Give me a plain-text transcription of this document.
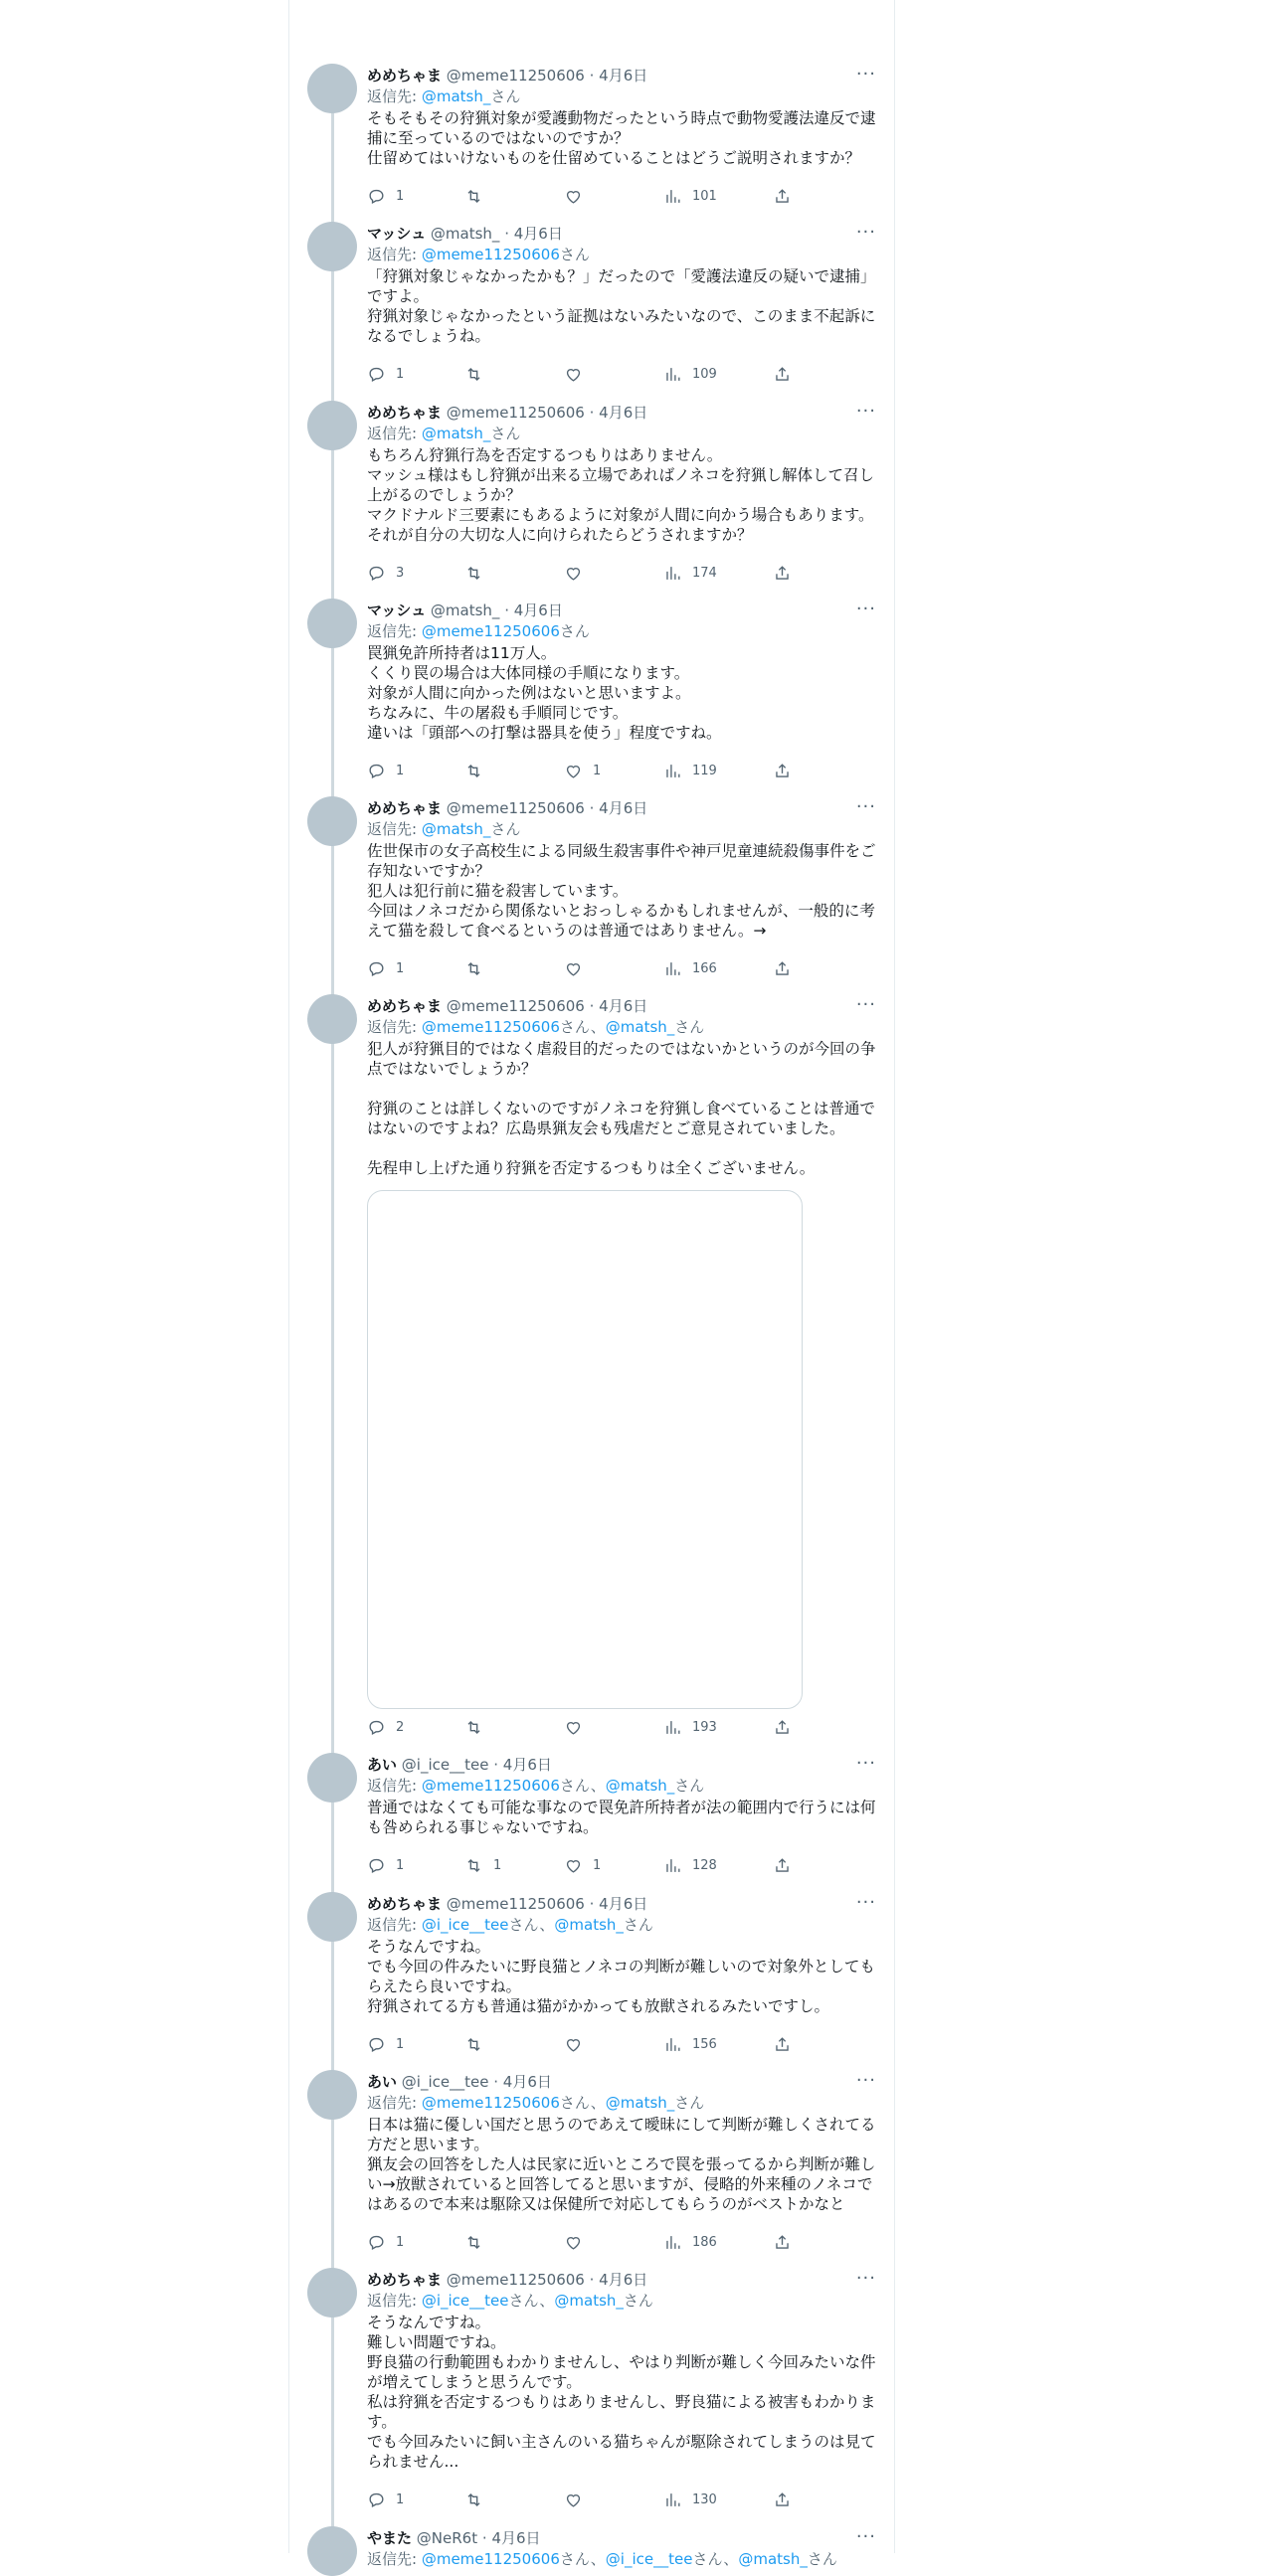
めめちゃま @meme11250606 · 4月6日	···
返信先: @matsh_さん
そもそもその狩猟対象が愛護動物だったという時点で動物愛護法違反で逮
捕に至っているのではないのですか？
仕留めてはいけないものを仕留めていることはどうご説明されますか？
1	101
マッシュ @matsh_ · 4月6日	···
返信先: @meme11250606さん
「狩猟対象じゃなかったかも？」だったので「愛護法違反の疑いで逮捕」
ですよ。
狩猟対象じゃなかったという証拠はないみたいなので、このまま不起訴に
なるでしょうね。
1	109
めめちゃま @meme11250606 · 4月6日	···
返信先: @matsh_さん
もちろん狩猟行為を否定するつもりはありません。
マッシュ様はもし狩猟が出来る立場であればノネコを狩猟し解体して召し
上がるのでしょうか？
マクドナルド三要素にもあるように対象が人間に向かう場合もあります。
それが自分の大切な人に向けられたらどうされますか？
3	174
マッシュ @matsh_ · 4月6日	···
返信先: @meme11250606さん
罠猟免許所持者は11万人。
くくり罠の場合は大体同様の手順になります。
対象が人間に向かった例はないと思いますよ。
ちなみに、牛の屠殺も手順同じです。
違いは「頭部への打撃は器具を使う」程度ですね。
1	1	119
めめちゃま @meme11250606 · 4月6日	···
返信先: @matsh_さん
佐世保市の女子高校生による同級生殺害事件や神戸児童連続殺傷事件をご
存知ないですか？
犯人は犯行前に猫を殺害しています。
今回はノネコだから関係ないとおっしゃるかもしれませんが、一般的に考
えて猫を殺して食べるというのは普通ではありません。→
1	166
めめちゃま @meme11250606 · 4月6日	···
返信先: @meme11250606さん、@matsh_さん
犯人が狩猟目的ではなく虐殺目的だったのではないかというのが今回の争
点ではないでしょうか？

狩猟のことは詳しくないのですがノネコを狩猟し食べていることは普通で
はないのですよね？広島県猟友会も残虐だとご意見されていました。

先程申し上げた通り狩猟を否定するつもりは全くございません。
2	193
あい @i_ice__tee · 4月6日	···
返信先: @meme11250606さん、@matsh_さん
普通ではなくても可能な事なので罠免許所持者が法の範囲内で行うには何
も咎められる事じゃないですね。
1	1	1	128
めめちゃま @meme11250606 · 4月6日	···
返信先: @i_ice__teeさん、@matsh_さん
そうなんですね。
でも今回の件みたいに野良猫とノネコの判断が難しいので対象外としても
らえたら良いですね。
狩猟されてる方も普通は猫がかかっても放獣されるみたいですし。
1	156
あい @i_ice__tee · 4月6日	···
返信先: @meme11250606さん、@matsh_さん
日本は猫に優しい国だと思うのであえて曖昧にして判断が難しくされてる
方だと思います。
猟友会の回答をした人は民家に近いところで罠を張ってるから判断が難し
い→放獣されていると回答してると思いますが、侵略的外来種のノネコで
はあるので本来は駆除又は保健所で対応してもらうのがベストかなと
1	186
めめちゃま @meme11250606 · 4月6日	···
返信先: @i_ice__teeさん、@matsh_さん
そうなんですね。
難しい問題ですね。
野良猫の行動範囲もわかりませんし、やはり判断が難しく今回みたいな件
が増えてしまうと思うんです。
私は狩猟を否定するつもりはありませんし、野良猫による被害もわかりま
す。
でも今回みたいに飼い主さんのいる猫ちゃんが駆除されてしまうのは見て
られません...
1	130
やまた @NeR6t · 4月6日	···
返信先: @meme11250606さん、@i_ice__teeさん、@matsh_さん
